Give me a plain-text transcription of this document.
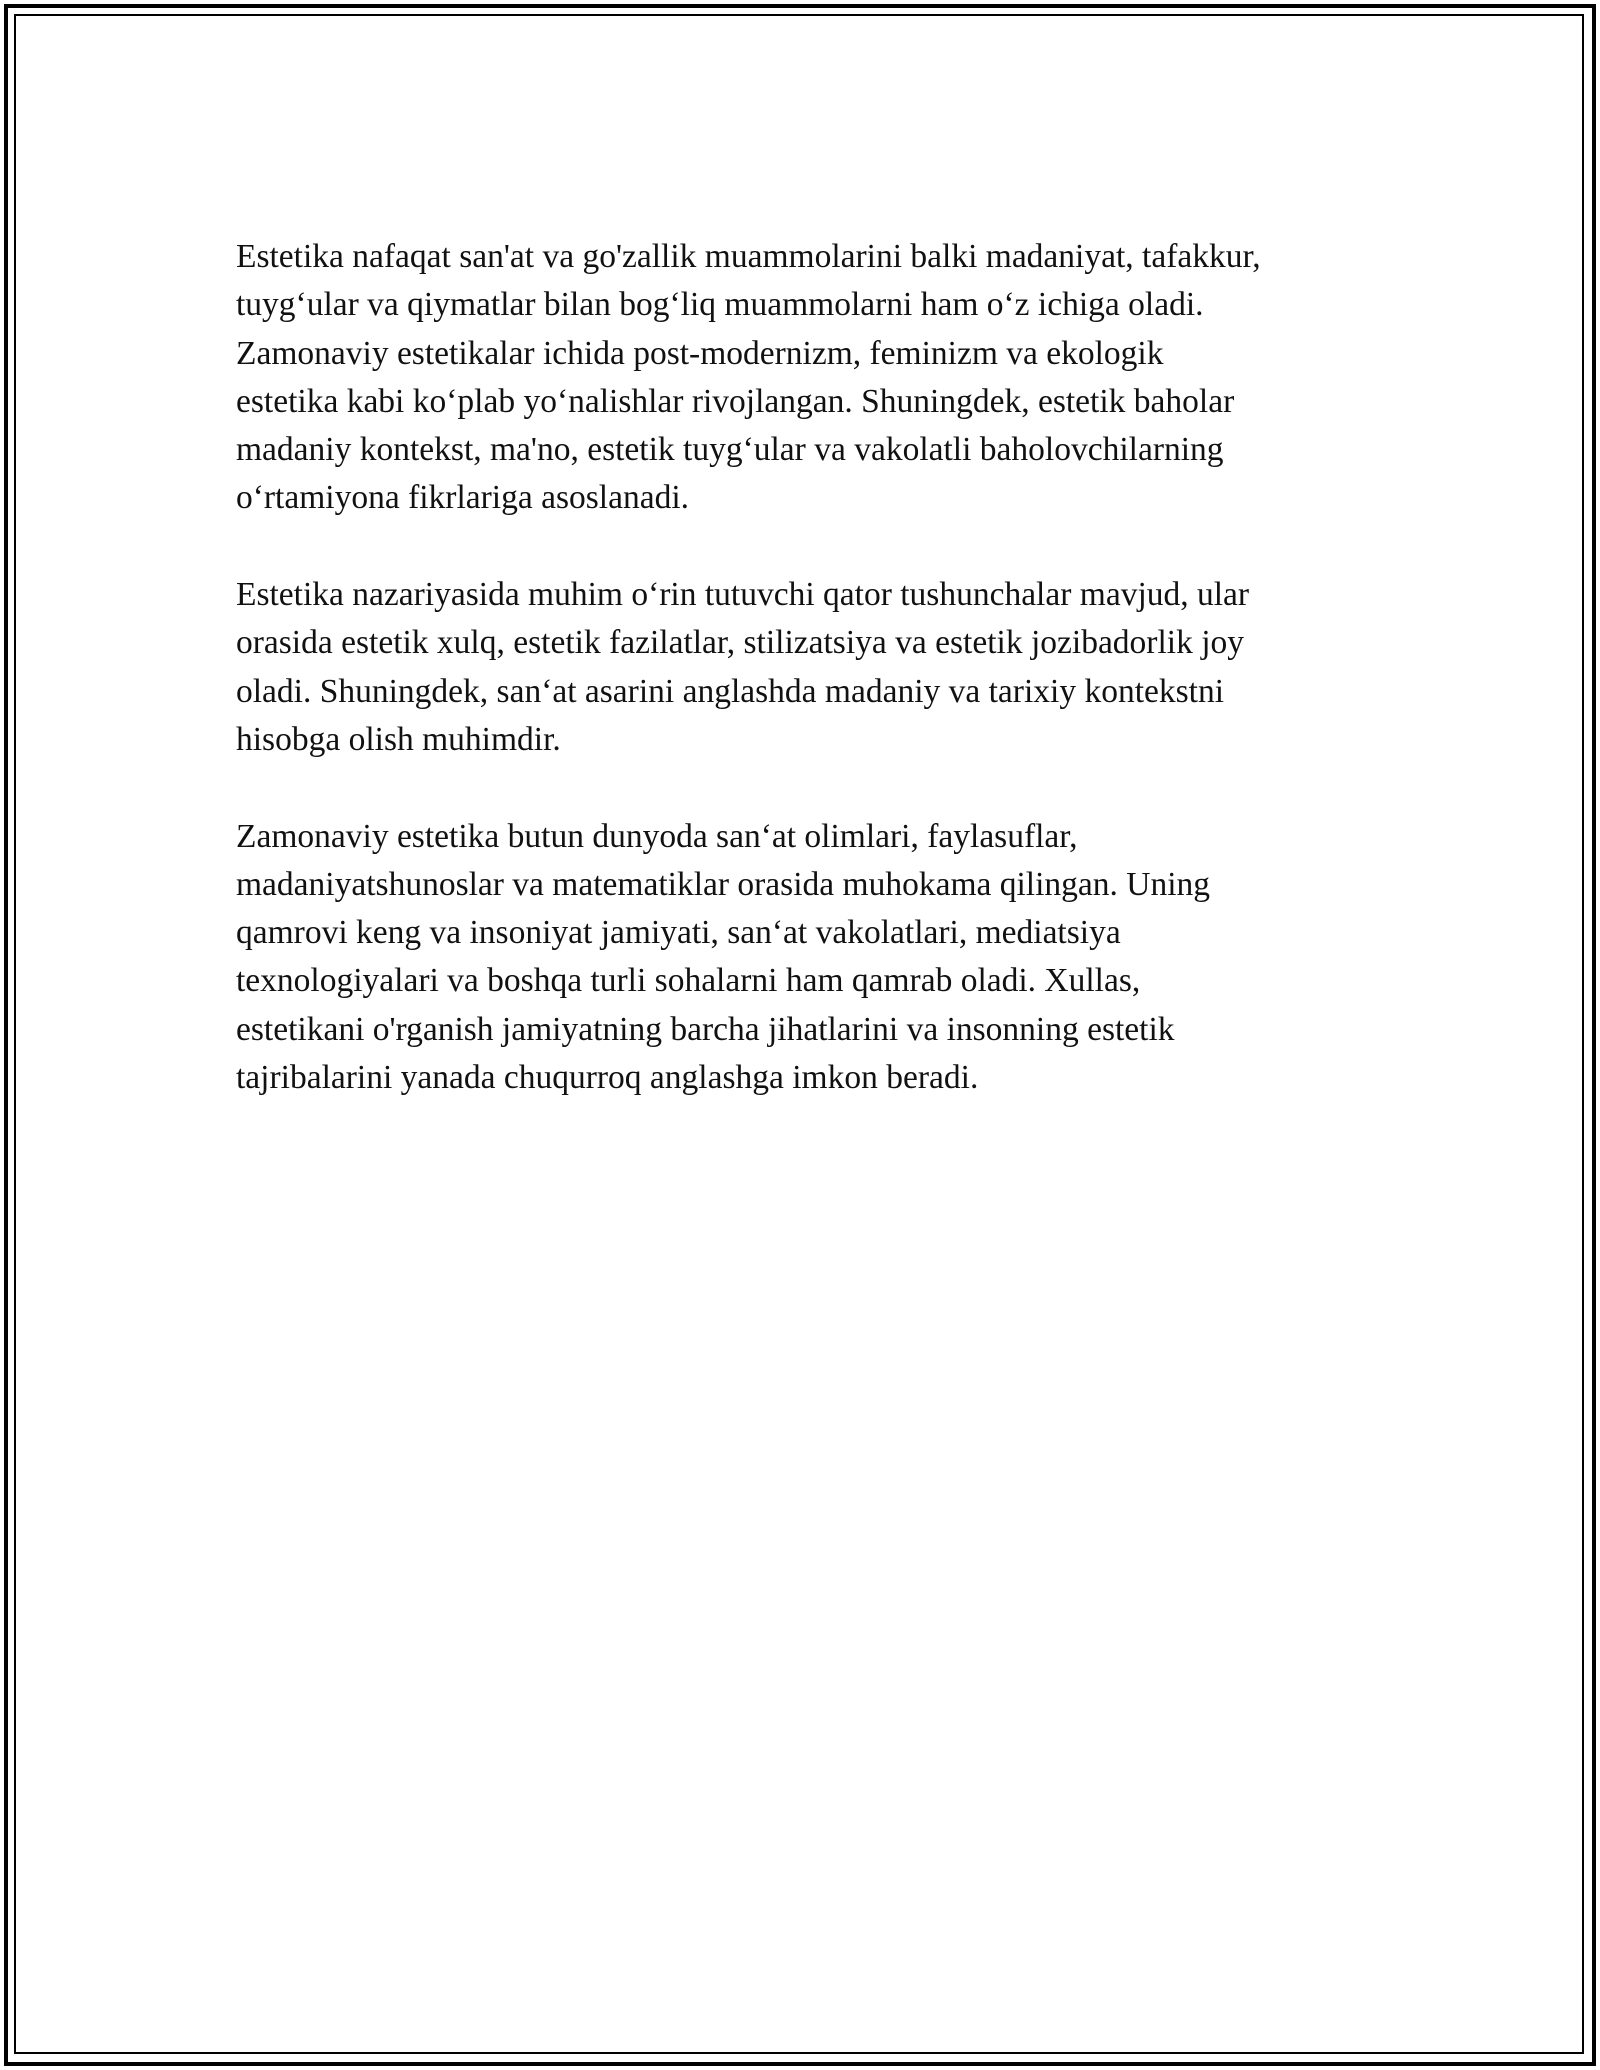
Estetika nafaqat san'at va go'zallik muammolarini balki madaniyat, tafakkur,
tuyg‘ular va qiymatlar bilan bog‘liq muammolarni ham o‘z ichiga oladi.
Zamonaviy estetikalar ichida post-modernizm, feminizm va ekologik
estetika kabi ko‘plab yo‘nalishlar rivojlangan. Shuningdek, estetik baholar
madaniy kontekst, ma'no, estetik tuyg‘ular va vakolatli baholovchilarning
o‘rtamiyona fikrlariga asoslanadi.

Estetika nazariyasida muhim o‘rin tutuvchi qator tushunchalar mavjud, ular
orasida estetik xulq, estetik fazilatlar, stilizatsiya va estetik jozibadorlik joy
oladi. Shuningdek, san‘at asarini anglashda madaniy va tarixiy kontekstni
hisobga olish muhimdir.

Zamonaviy estetika butun dunyoda san‘at olimlari, faylasuflar,
madaniyatshunoslar va matematiklar orasida muhokama qilingan. Uning
qamrovi keng va insoniyat jamiyati, san‘at vakolatlari, mediatsiya
texnologiyalari va boshqa turli sohalarni ham qamrab oladi. Xullas,
estetikani o'rganish jamiyatning barcha jihatlarini va insonning estetik
tajribalarini yanada chuqurroq anglashga imkon beradi.
